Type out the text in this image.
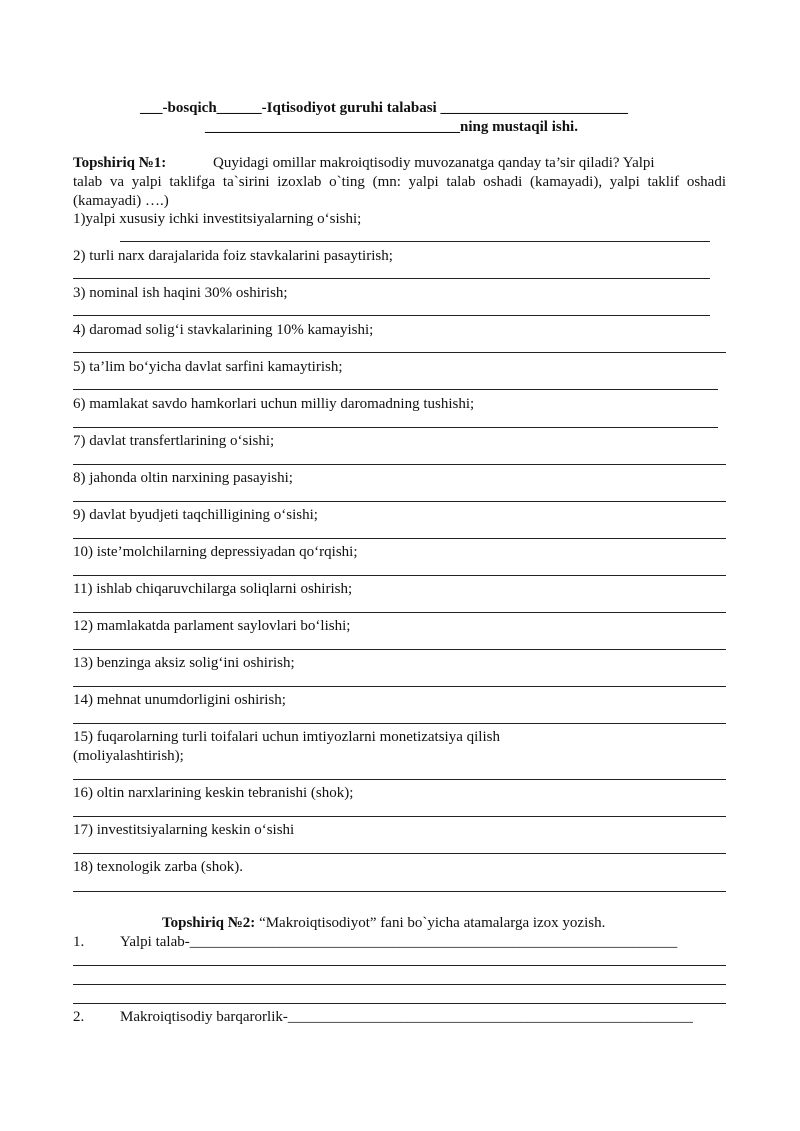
___-bosqich______-Iqtisodiyot guruhi talabasi _________________________
__________________________________ning mustaqil ishi.
Topshiriq №1:	Quyidagi omillar makroiqtisodiy muvozanatga qanday ta’sir qiladi? Yalpi
talab va yalpi taklifga ta`sirini izoxlab o`ting (mn: yalpi talab oshadi (kamayadi), yalpi taklif oshadi
(kamayadi) ….)
1)yalpi xususiy ichki investitsiyalarning o‘sishi;
2) turli narx darajalarida foiz stavkalarini pasaytirish;
3) nominal ish haqini 30% oshirish;
4) daromad solig‘i stavkalarining 10% kamayishi;
5) ta’lim bo‘yicha davlat sarfini kamaytirish;
6) mamlakat savdo hamkorlari uchun milliy daromadning tushishi;
7) davlat transfertlarining o‘sishi;
8) jahonda oltin narxining pasayishi;
9) davlat byudjeti taqchilligining o‘sishi;
10) iste’molchilarning depressiyadan qo‘rqishi;
11) ishlab chiqaruvchilarga soliqlarni oshirish;
12) mamlakatda parlament saylovlari bo‘lishi;
13) benzinga aksiz solig‘ini oshirish;
14) mehnat unumdorligini oshirish;
15) fuqarolarning turli toifalari uchun imtiyozlarni monetizatsiya qilish
(moliyalashtirish);
16) oltin narxlarining keskin tebranishi (shok);
17) investitsiyalarning keskin o‘sishi
18) texnologik zarba (shok).
Topshiriq №2: “Makroiqtisodiyot” fani bo`yicha atamalarga izox yozish.
1. Yalpi talab-_________________________________________________________________
2. Makroiqtisodiy barqarorlik-______________________________________________________
